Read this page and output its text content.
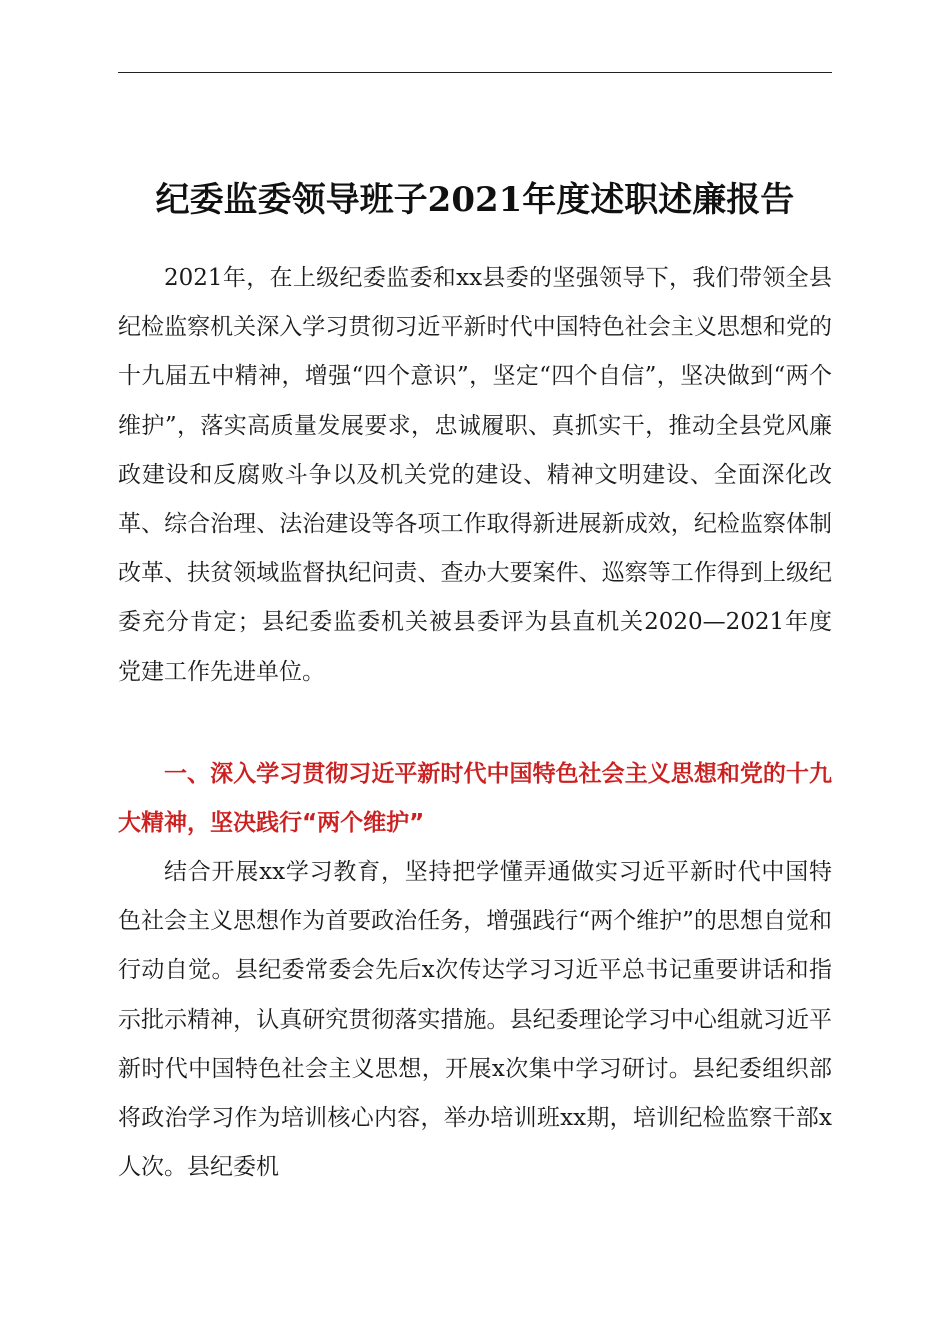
纪委监委领导班子2021年度述职述廉报告

2021年，在上级纪委监委和xx县委的坚强领导下，我们带领全县纪检监察机关深入学习贯彻习近平新时代中国特色社会主义思想和党的十九届五中精神，增强“四个意识”，坚定“四个自信”，坚决做到“两个维护”，落实高质量发展要求，忠诚履职、真抓实干，推动全县党风廉政建设和反腐败斗争以及机关党的建设、精神文明建设、全面深化改革、综合治理、法治建设等各项工作取得新进展新成效，纪检监察体制改革、扶贫领域监督执纪问责、查办大要案件、巡察等工作得到上级纪委充分肯定；县纪委监委机关被县委评为县直机关2020—2021年度党建工作先进单位。

一、深入学习贯彻习近平新时代中国特色社会主义思想和党的十九大精神，坚决践行“两个维护”

结合开展xx学习教育，坚持把学懂弄通做实习近平新时代中国特色社会主义思想作为首要政治任务，增强践行“两个维护”的思想自觉和行动自觉。县纪委常委会先后x次传达学习习近平总书记重要讲话和指示批示精神，认真研究贯彻落实措施。县纪委理论学习中心组就习近平新时代中国特色社会主义思想，开展x次集中学习研讨。县纪委组织部将政治学习作为培训核心内容，举办培训班xx期，培训纪检监察干部x人次。县纪委机
